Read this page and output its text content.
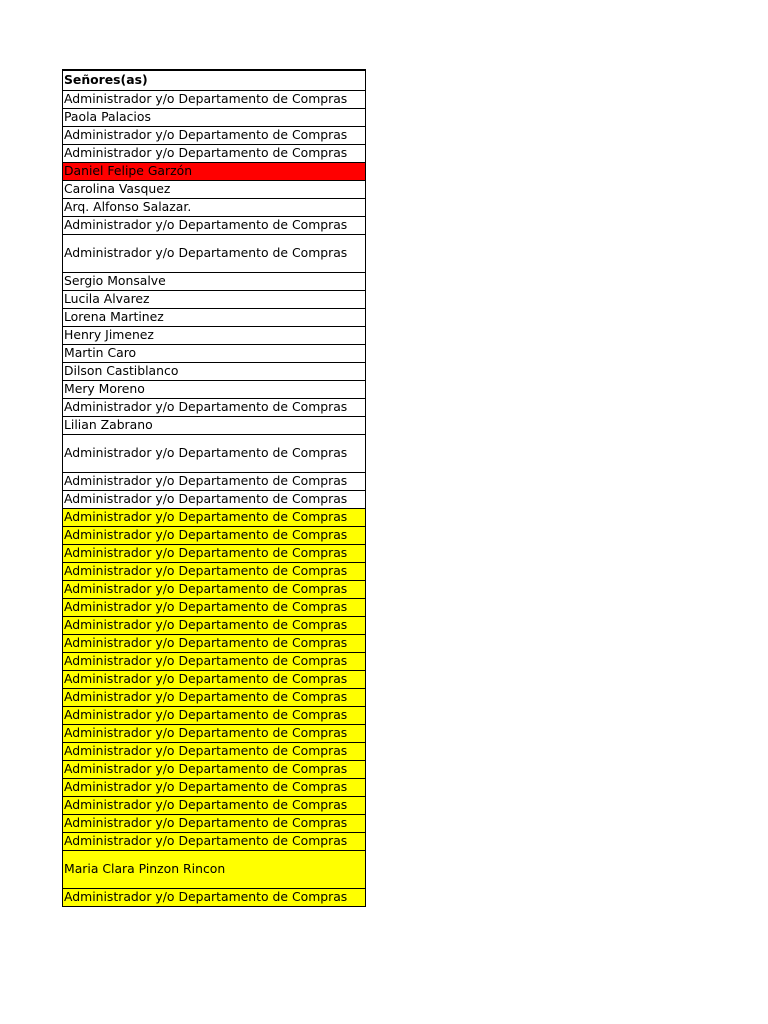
Señores(as)
Administrador y/o Departamento de Compras
Paola Palacios
Administrador y/o Departamento de Compras
Administrador y/o Departamento de Compras
Daniel Felipe Garzón
Carolina Vasquez
Arq. Alfonso Salazar.
Administrador y/o Departamento de Compras
Administrador y/o Departamento de Compras
Sergio Monsalve
Lucila Alvarez
Lorena Martinez
Henry Jimenez
Martin Caro
Dilson Castiblanco
Mery Moreno
Administrador y/o Departamento de Compras
Lilian Zabrano
Administrador y/o Departamento de Compras
Administrador y/o Departamento de Compras
Administrador y/o Departamento de Compras
Administrador y/o Departamento de Compras
Administrador y/o Departamento de Compras
Administrador y/o Departamento de Compras
Administrador y/o Departamento de Compras
Administrador y/o Departamento de Compras
Administrador y/o Departamento de Compras
Administrador y/o Departamento de Compras
Administrador y/o Departamento de Compras
Administrador y/o Departamento de Compras
Administrador y/o Departamento de Compras
Administrador y/o Departamento de Compras
Administrador y/o Departamento de Compras
Administrador y/o Departamento de Compras
Administrador y/o Departamento de Compras
Administrador y/o Departamento de Compras
Administrador y/o Departamento de Compras
Administrador y/o Departamento de Compras
Administrador y/o Departamento de Compras
Administrador y/o Departamento de Compras
Maria Clara Pinzon Rincon
Administrador y/o Departamento de Compras
